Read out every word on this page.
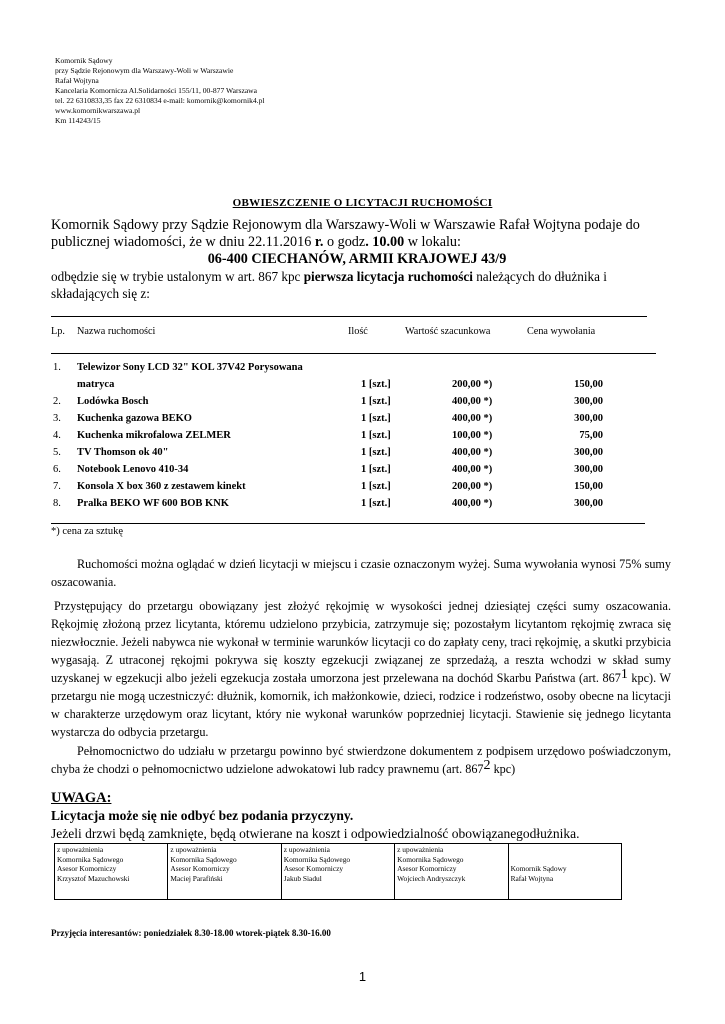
Komornik Sądowy
przy Sądzie Rejonowym dla Warszawy-Woli w Warszawie
Rafał Wojtyna
Kancelaria Komornicza Al.Solidarności 155/11, 00-877 Warszawa
tel. 22 6310833,35 fax 22 6310834 e-mail: komornik@komornik4.pl
www.komornikwarszawa.pl
Km 114243/15
OBWIESZCZENIE O LICYTACJI RUCHOMOŚCI
Komornik Sądowy przy Sądzie Rejonowym dla Warszawy-Woli w Warszawie Rafał Wojtyna podaje do publicznej wiadomości, że w dniu 22.11.2016 r. o godz. 10.00 w lokalu:
06-400 CIECHANÓW, ARMII KRAJOWEJ 43/9
odbędzie się w trybie ustalonym w art. 867 kpc pierwsza licytacja ruchomości należących do dłużnika i składających się z:
Lp. Nazwa ruchomości	Ilość	Wartość szacunkowa	Cena wywołania
1. Telewizor Sony LCD 32" KOL 37V42 Porysowana
matryca	1 [szt.]	200,00 *)	150,00
2. Lodówka Bosch	1 [szt.]	400,00 *)	300,00
3. Kuchenka gazowa BEKO	1 [szt.]	400,00 *)	300,00
4. Kuchenka mikrofalowa ZELMER	1 [szt.]	100,00 *)	75,00
5. TV Thomson ok 40"	1 [szt.]	400,00 *)	300,00
6. Notebook Lenovo 410-34	1 [szt.]	400,00 *)	300,00
7. Konsola X box 360 z zestawem kinekt	1 [szt.]	200,00 *)	150,00
8. Pralka BEKO WF 600 BOB KNK	1 [szt.]	400,00 *)	300,00
*) cena za sztukę
Ruchomości można oglądać w dzień licytacji w miejscu i czasie oznaczonym wyżej. Suma wywołania wynosi 75% sumy oszacowania.
Przystępujący do przetargu obowiązany jest złożyć rękojmię w wysokości jednej dziesiątej części sumy oszacowania. Rękojmię złożoną przez licytanta, któremu udzielono przybicia, zatrzymuje się; pozostałym licytantom rękojmię zwraca się niezwłocznie. Jeżeli nabywca nie wykonał w terminie warunków licytacji co do zapłaty ceny, traci rękojmię, a skutki przybicia wygasają. Z utraconej rękojmi pokrywa się koszty egzekucji związanej ze sprzedażą, a reszta wchodzi w skład sumy uzyskanej w egzekucji albo jeżeli egzekucja została umorzona jest przelewana na dochód Skarbu Państwa (art. $867^1$ kpc). W przetargu nie mogą uczestniczyć: dłużnik, komornik, ich małżonkowie, dzieci, rodzice i rodzeństwo, osoby obecne na licytacji w charakterze urzędowym oraz licytant, który nie wykonał warunków poprzedniej licytacji. Stawienie się jednego licytanta wystarcza do odbycia przetargu.
Pełnomocnictwo do udziału w przetargu powinno być stwierdzone dokumentem z podpisem urzędowo poświadczonym, chyba że chodzi o pełnomocnictwo udzielone adwokatowi lub radcy prawnemu (art. $867^2$ kpc)
UWAGA:
Licytacja może się nie odbyć bez podania przyczyny.
Jeżeli drzwi będą zamknięte, będą otwierane na koszt i odpowiedzialność obowiązanegodłużnika.
z upoważnienia
Komornika Sądowego
Asesor Komorniczy
Krzysztof Mazuchowski

z upoważnienia
Komornika Sądowego
Asesor Komorniczy
Maciej Parafiński

z upoważnienia
Komornika Sądowego
Asesor Komorniczy
Jakub Siadul

z upoważnienia
Komornika Sądowego
Asesor Komorniczy
Wojciech Andryszczyk

Komornik Sądowy
Rafał Wojtyna
Przyjęcia interesantów: poniedziałek 8.30-18.00 wtorek-piątek 8.30-16.00
1
